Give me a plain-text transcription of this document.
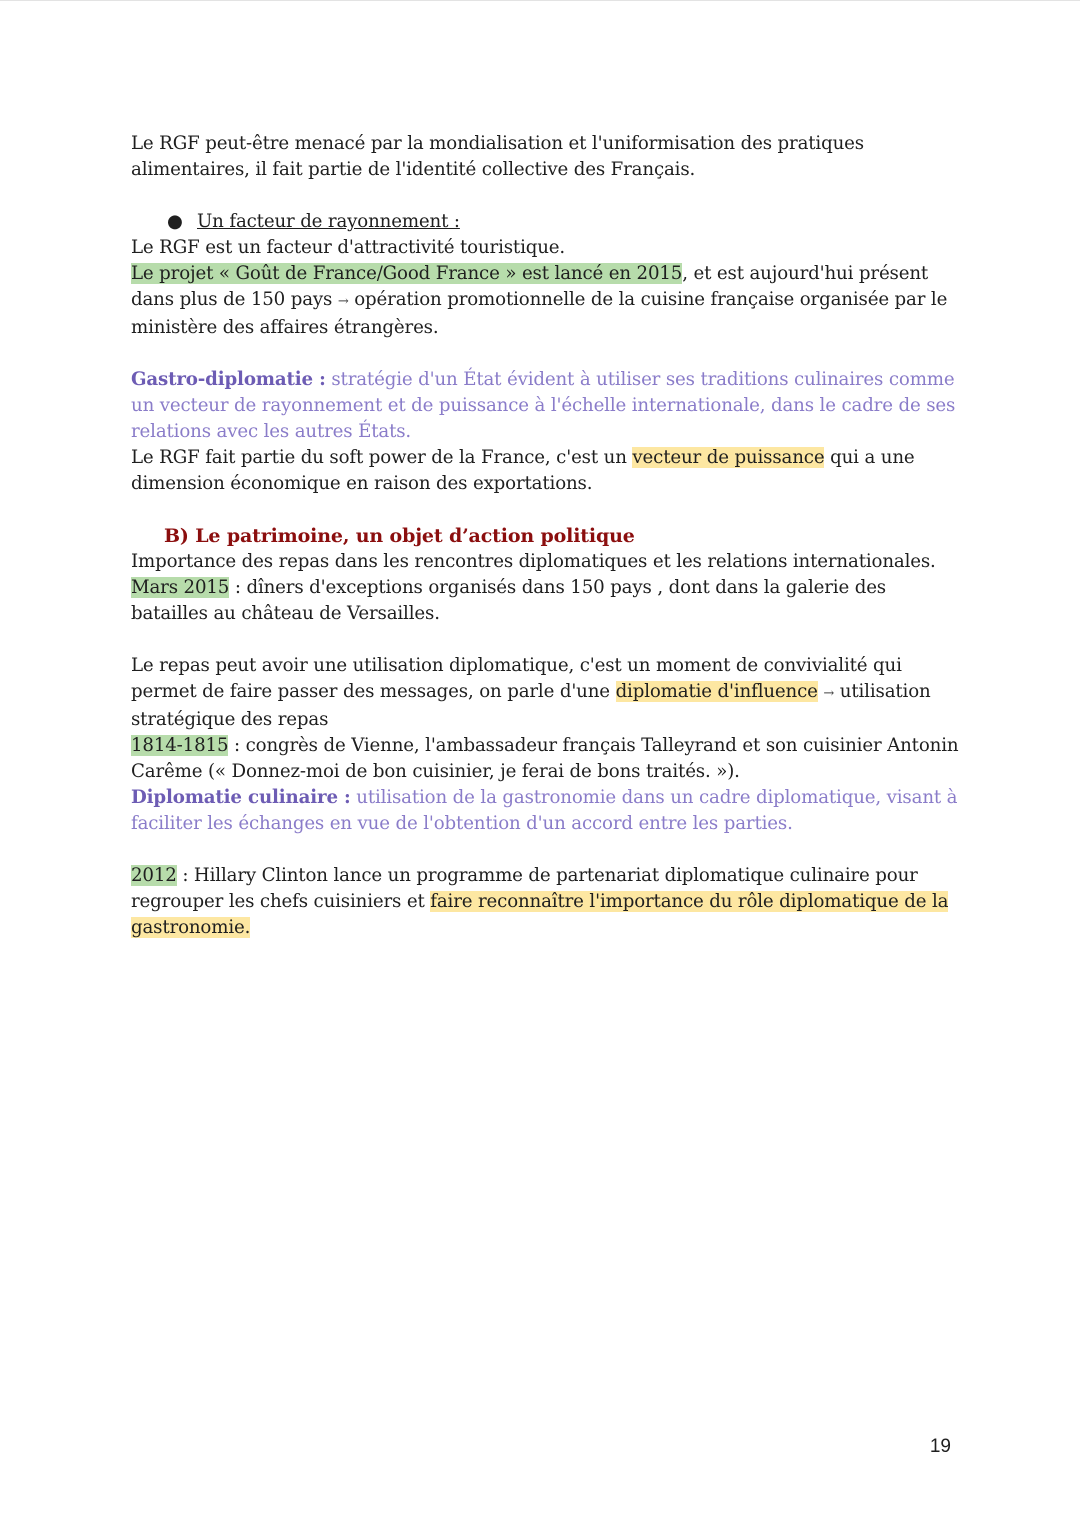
Le RGF peut-être menacé par la mondialisation et l'uniformisation des pratiques alimentaires, il fait partie de l'identité collective des Français.

● Un facteur de rayonnement :

Le RGF est un facteur d'attractivité touristique.

Le projet « Goût de France/Good France » est lancé en 2015, et est aujourd'hui présent dans plus de 150 pays → opération promotionnelle de la cuisine française organisée par le ministère des affaires étrangères.

Gastro-diplomatie : stratégie d'un État évident à utiliser ses traditions culinaires comme un vecteur de rayonnement et de puissance à l'échelle internationale, dans le cadre de ses relations avec les autres États.

Le RGF fait partie du soft power de la France, c'est un vecteur de puissance qui a une dimension économique en raison des exportations.

B) Le patrimoine, un objet d’action politique

Importance des repas dans les rencontres diplomatiques et les relations internationales.

Mars 2015 : dîners d'exceptions organisés dans 150 pays , dont dans la galerie des batailles au château de Versailles.

Le repas peut avoir une utilisation diplomatique, c'est un moment de convivialité qui permet de faire passer des messages, on parle d'une diplomatie d'influence → utilisation stratégique des repas

1814-1815 : congrès de Vienne, l'ambassadeur français Talleyrand et son cuisinier Antonin Carême (« Donnez-moi de bon cuisinier, je ferai de bons traités. »).

Diplomatie culinaire : utilisation de la gastronomie dans un cadre diplomatique, visant à faciliter les échanges en vue de l'obtention d'un accord entre les parties.

2012 : Hillary Clinton lance un programme de partenariat diplomatique culinaire pour regrouper les chefs cuisiniers et faire reconnaître l'importance du rôle diplomatique de la gastronomie.

19
